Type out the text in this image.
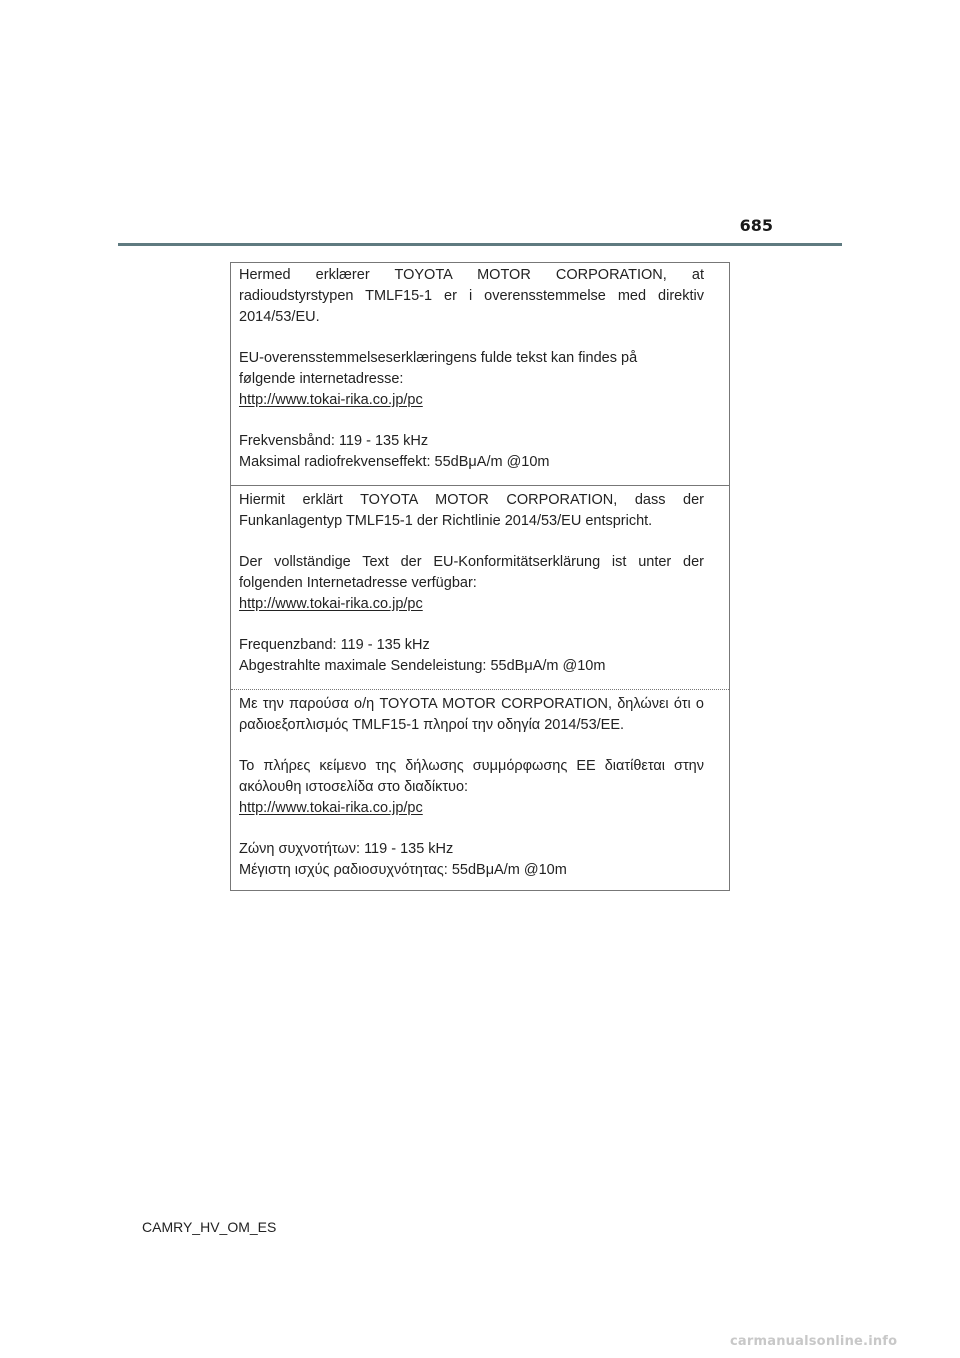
685

Hermed erklærer TOYOTA MOTOR CORPORATION, at radioudstyrstypen TMLF15-1 er i overensstemmelse med direktiv 2014/53/EU.

EU-overensstemmelseserklæringens fulde tekst kan findes på

følgende internetadresse:

http://www.tokai-rika.co.jp/pc

Frekvensbånd: 119 - 135 kHz

Maksimal radiofrekvenseffekt: 55dBμA/m @10m

Hiermit erklärt TOYOTA MOTOR CORPORATION, dass der Funkanlagentyp TMLF15-1 der Richtlinie 2014/53/EU entspricht.

Der vollständige Text der EU-Konformitätserklärung ist unter der folgenden Internetadresse verfügbar:

http://www.tokai-rika.co.jp/pc

Frequenzband: 119 - 135 kHz

Abgestrahlte maximale Sendeleistung: 55dBμA/m @10m

Με την παρούσα ο/η TOYOTA MOTOR CORPORATION, δηλώνει ότι ο ραδιοεξοπλισμός TMLF15-1 πληροί την οδηγία 2014/53/ΕΕ.

Το πλήρες κείμενο της δήλωσης συμμόρφωσης ΕΕ διατίθεται στην ακόλουθη ιστοσελίδα στο διαδίκτυο:

http://www.tokai-rika.co.jp/pc

Ζώνη συχνοτήτων: 119 - 135 kHz

Μέγιστη ισχύς ραδιοσυχνότητας: 55dBμA/m @10m

CAMRY_HV_OM_ES
carmanualsonline.info
